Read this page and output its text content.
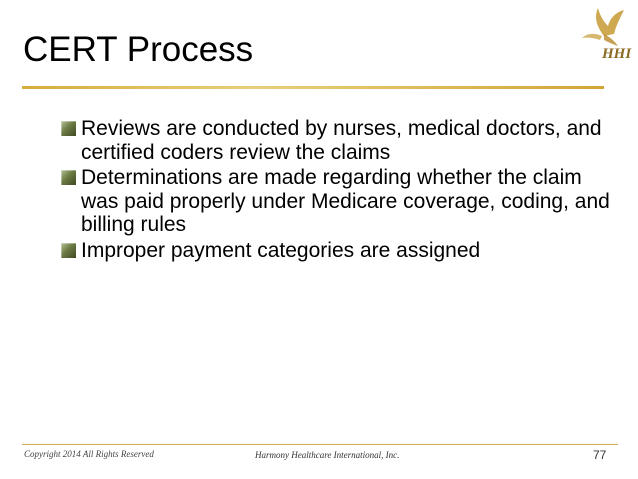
CERT Process	HHI
Reviews are conducted by nurses, medical doctors, and certified coders review the claims
Determinations are made regarding whether the claim was paid properly under Medicare coverage, coding, and billing rules
Improper payment categories are assigned
Copyright 2014 All Rights Reserved	Harmony Healthcare International, Inc.	77
